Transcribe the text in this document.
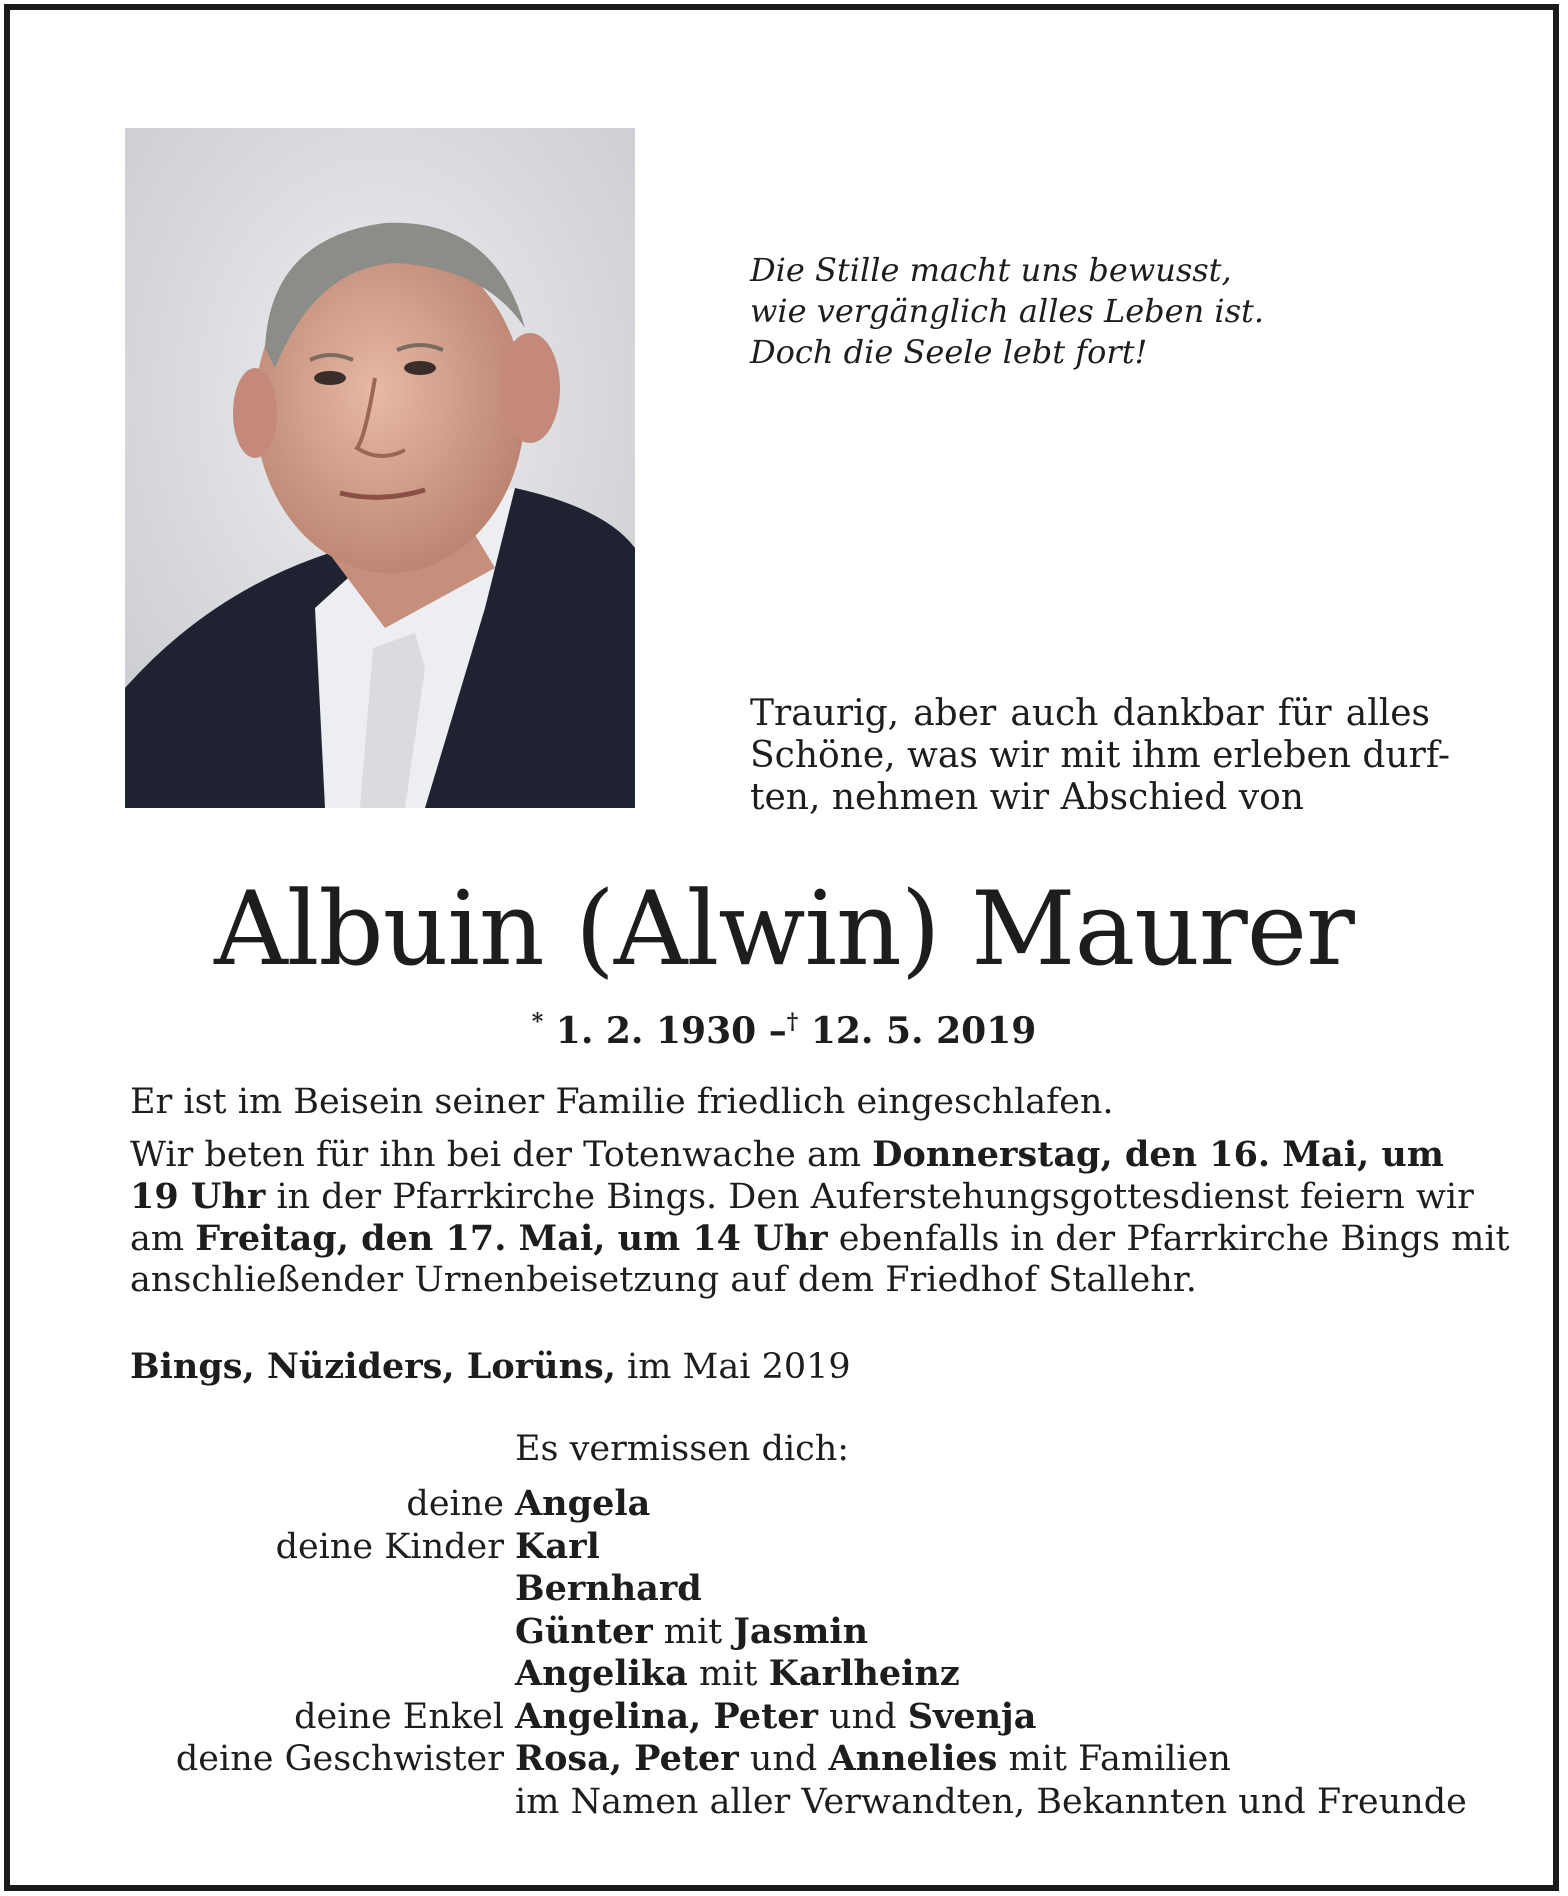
Die Stille macht uns bewusst,
wie vergänglich alles Leben ist.
Doch die Seele lebt fort!
Traurig, aber auch dankbar für alles
Schöne, was wir mit ihm erleben durf-
ten, nehmen wir Abschied von
Albuin (Alwin) Maurer
* 1. 2. 1930 –† 12. 5. 2019

Er ist im Beisein seiner Familie friedlich eingeschlafen.

Wir beten für ihn bei der Totenwache am Donnerstag, den 16. Mai, um

19 Uhr in der Pfarrkirche Bings. Den Auferstehungsgottesdienst feiern wir

am Freitag, den 17. Mai, um 14 Uhr ebenfalls in der Pfarrkirche Bings mit

anschließender Urnenbeisetzung auf dem Friedhof Stallehr.

Bings, Nüziders, Lorüns, im Mai 2019
Es vermissen dich:
deine Angela
deine Kinder Karl
Bernhard
Günter mit Jasmin
Angelika mit Karlheinz
deine Enkel Angelina, Peter und Svenja
deine Geschwister Rosa, Peter und Annelies mit Familien
im Namen aller Verwandten, Bekannten und Freunde
